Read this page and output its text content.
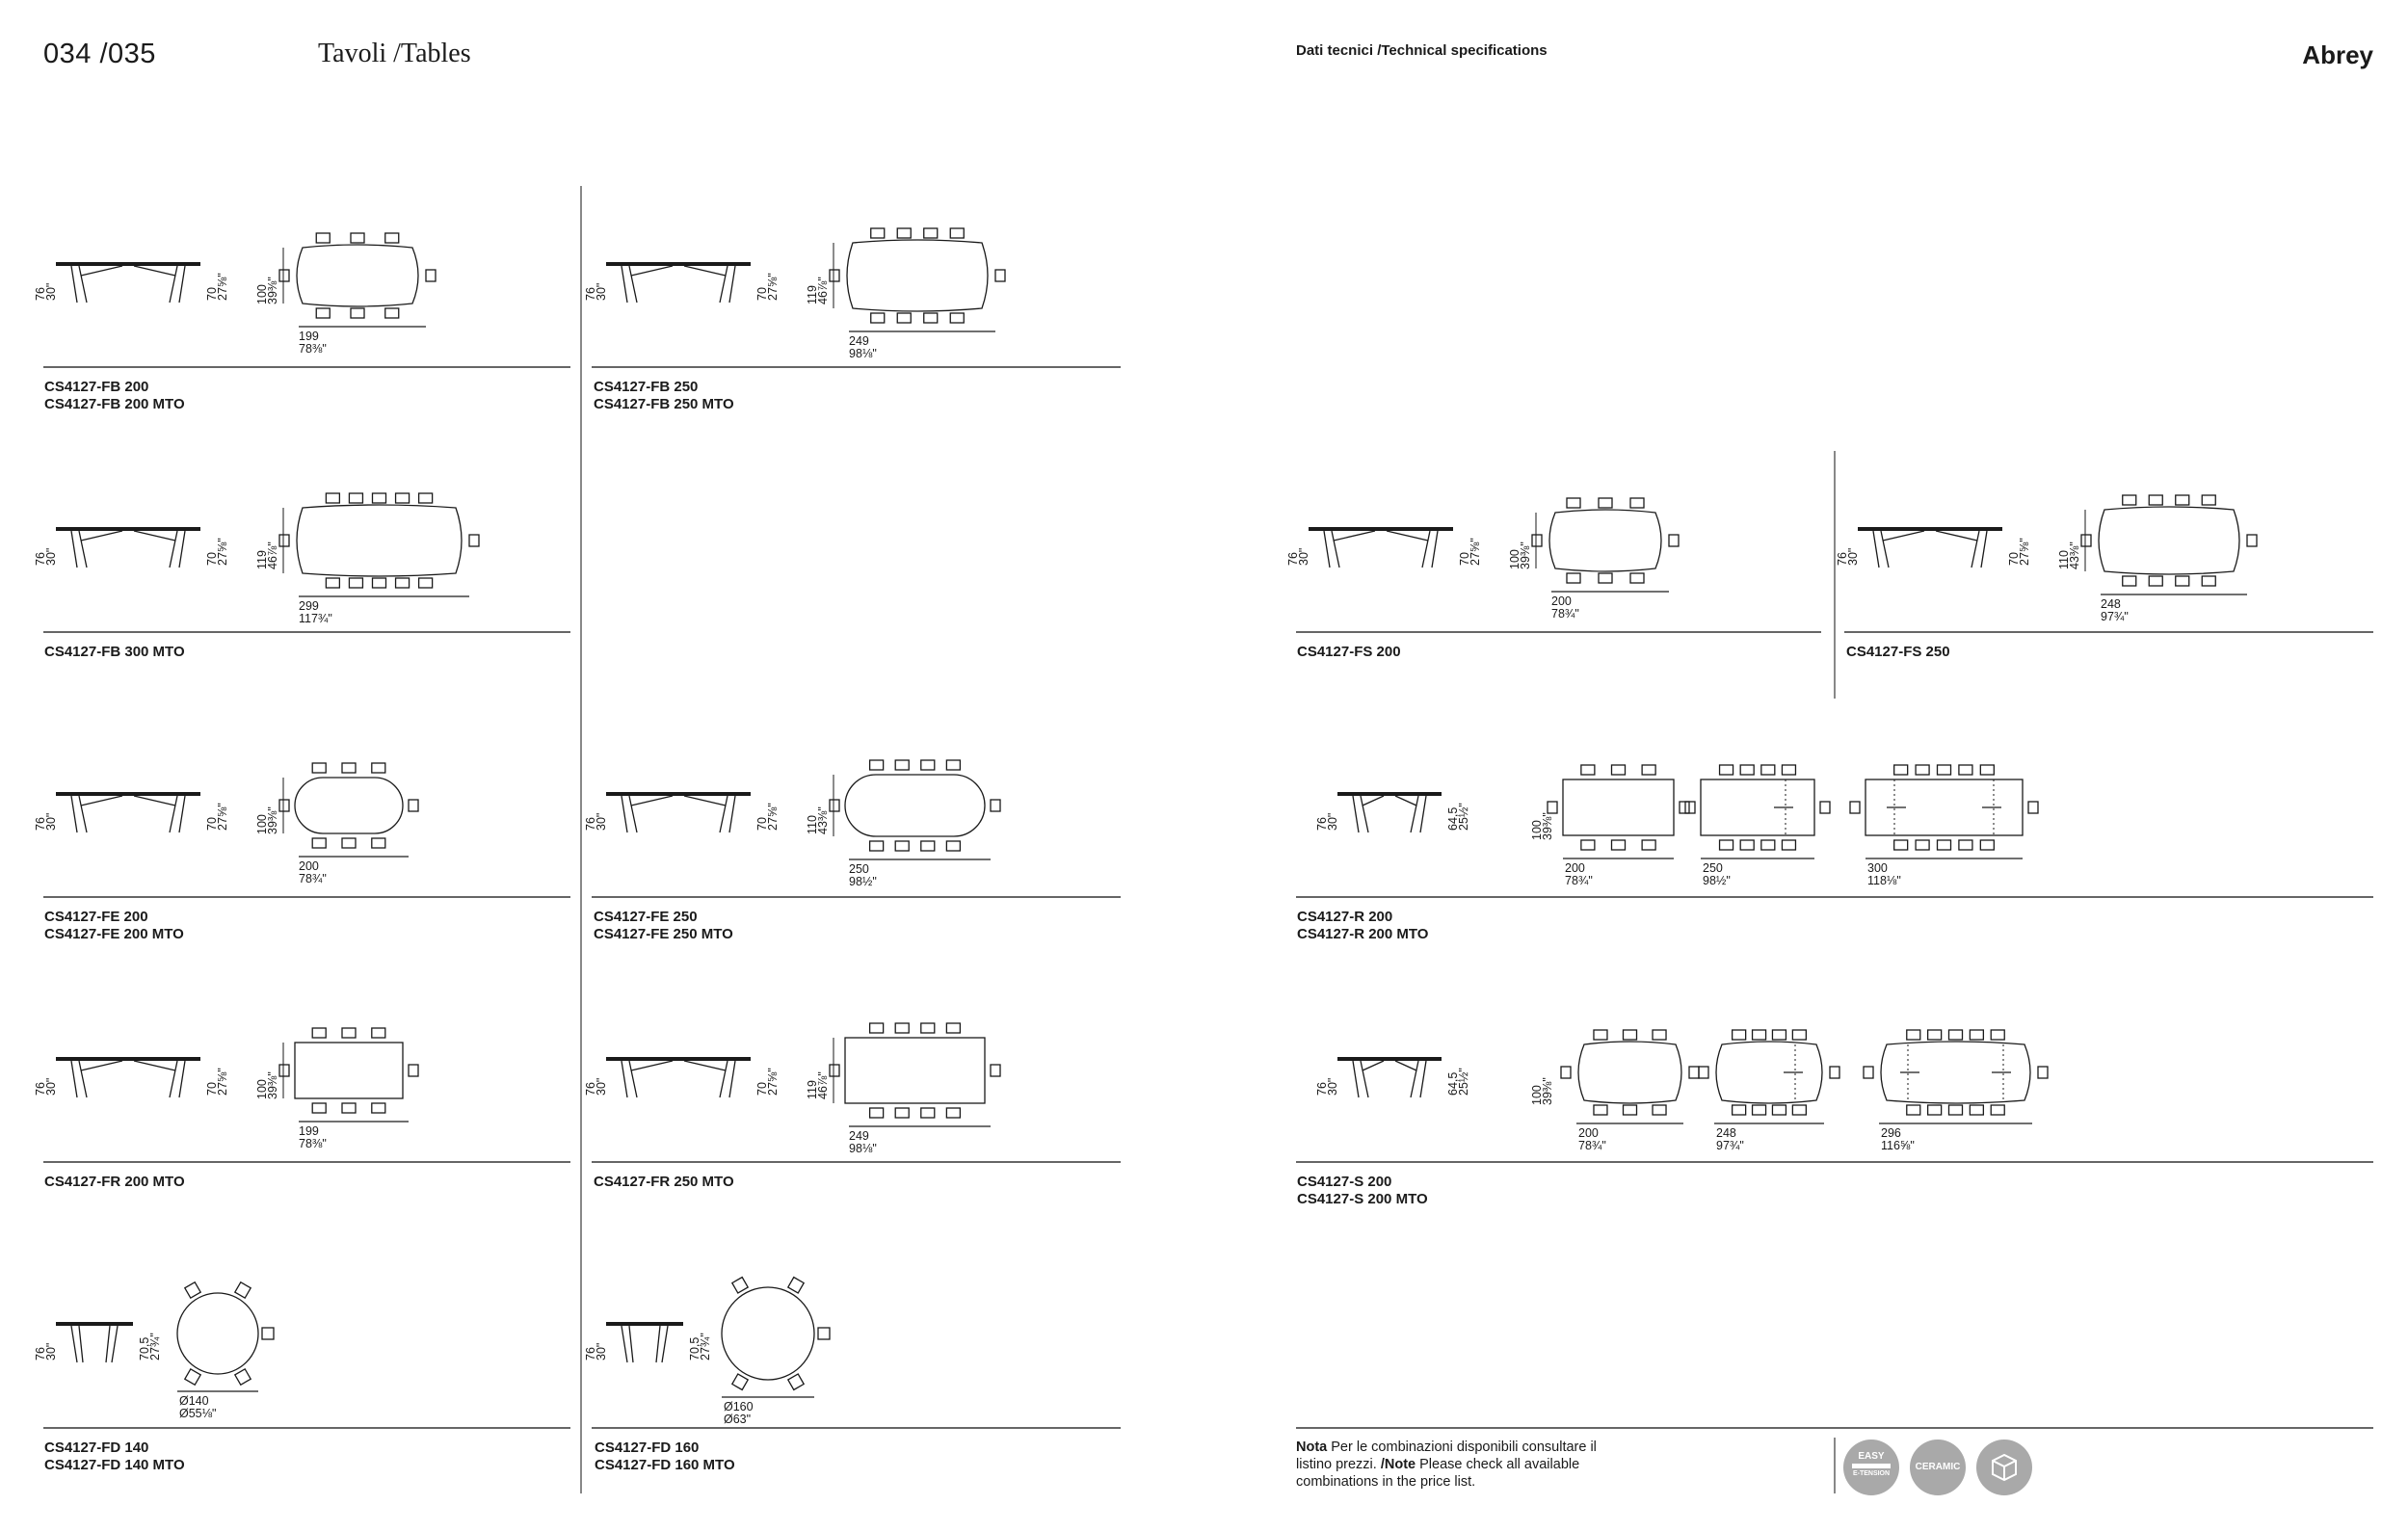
034 /035	Tavoli /Tables	Dati tecnici /Technical specifications	Abrey
76
30"	70
27⅝" 100
39⅜"
199
78⅜"
CS4127-FB 200
CS4127-FB 200 MTO
76
30"	70
27⅝" 119
46⅞"
249
98⅛"
CS4127-FB 250
CS4127-FB 250 MTO
76
30"	70
27⅝" 119
46⅞"
299
117¾"
CS4127-FB 300 MTO
76
30"	70
27⅝" 100
39⅜"
200
78¾"
CS4127-FS 200
76
30"	70
27⅝" 110
43⅜"
248
97¾"
CS4127-FS 250
76
30"	70
27⅝" 100
39⅜"
200
78¾"
CS4127-FE 200
CS4127-FE 200 MTO
76
30"	70
27⅝" 110
43⅜"
250
98½"
CS4127-FE 250
CS4127-FE 250 MTO
76
30"	70
27⅝" 100
39⅜"
199
78⅜"
CS4127-FR 200 MTO
76
30"	70
27⅝" 119
46⅞"
249
98⅛"
CS4127-FR 250 MTO
76
30"	70,5
27¾"
Ø140
Ø55⅛"
CS4127-FD 140
CS4127-FD 140 MTO
76
30"	70,5
27¾"
Ø160
Ø63"
CS4127-FD 160
CS4127-FD 160 MTO
76
30"	64,5
25½"	100
39⅜"
200
78¾"
250
98½"
300
118⅛"
CS4127-R 200
CS4127-R 200 MTO
76
30"	64,5
25½"	100
39⅜"
200
78¾"
248
97¾"
296
116⅝"
CS4127-S 200
CS4127-S 200 MTO
Nota Per le combinazioni disponibili consultare il listino prezzi. /Note Please check all available combinations in the price list.
EASY
E-TENSION
CERAMIC
